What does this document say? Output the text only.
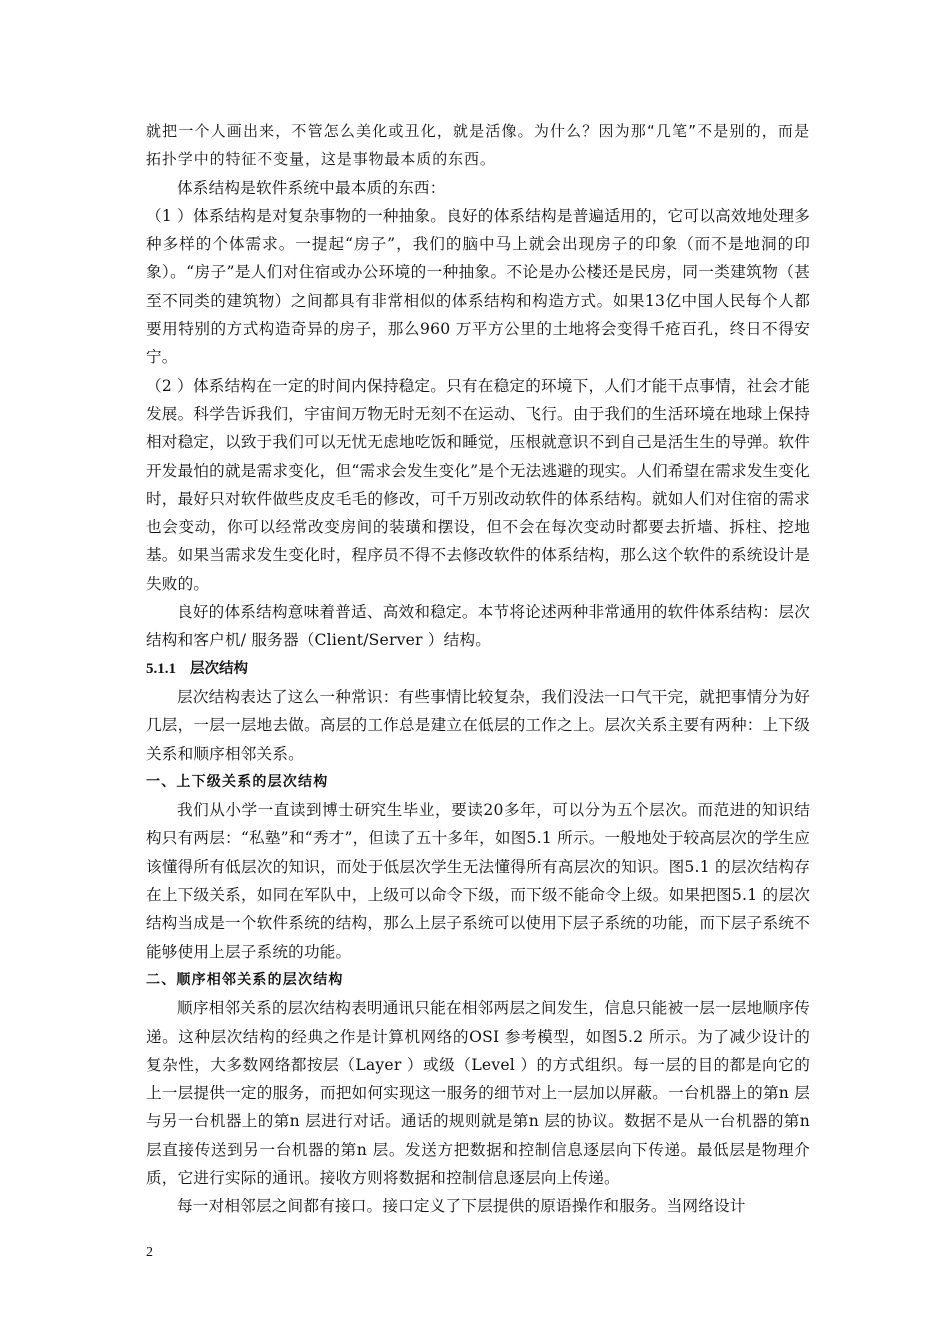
就把一个人画出来，不管怎么美化或丑化，就是活像。为什么？因为那“几笔”不是别的，而是拓扑学中的特征不变量，这是事物最本质的东西。

体系结构是软件系统中最本质的东西：

（1 ）体系结构是对复杂事物的一种抽象。良好的体系结构是普遍适用的，它可以高效地处理多种多样的个体需求。一提起“房子”，我们的脑中马上就会出现房子的印象（而不是地洞的印象）。“房子”是人们对住宿或办公环境的一种抽象。不论是办公楼还是民房，同一类建筑物（甚至不同类的建筑物）之间都具有非常相似的体系结构和构造方式。如果13亿中国人民每个人都要用特别的方式构造奇异的房子，那么960 万平方公里的土地将会变得千疮百孔，终日不得安宁。

（2 ）体系结构在一定的时间内保持稳定。只有在稳定的环境下，人们才能干点事情，社会才能发展。科学告诉我们，宇宙间万物无时无刻不在运动、飞行。由于我们的生活环境在地球上保持相对稳定，以致于我们可以无忧无虑地吃饭和睡觉，压根就意识不到自己是活生生的导弹。软件开发最怕的就是需求变化，但“需求会发生变化”是个无法逃避的现实。人们希望在需求发生变化时，最好只对软件做些皮皮毛毛的修改，可千万别改动软件的体系结构。就如人们对住宿的需求也会变动，你可以经常改变房间的装璜和摆设，但不会在每次变动时都要去折墙、拆柱、挖地基。如果当需求发生变化时，程序员不得不去修改软件的体系结构，那么这个软件的系统设计是失败的。

良好的体系结构意味着普适、高效和稳定。本节将论述两种非常通用的软件体系结构：层次结构和客户机/ 服务器（Client/Server ）结构。

5.1.1 层次结构

层次结构表达了这么一种常识：有些事情比较复杂，我们没法一口气干完，就把事情分为好几层，一层一层地去做。高层的工作总是建立在低层的工作之上。层次关系主要有两种：上下级关系和顺序相邻关系。

一、上下级关系的层次结构

我们从小学一直读到博士研究生毕业，要读20多年，可以分为五个层次。而范进的知识结构只有两层：“私塾”和“秀才”，但读了五十多年，如图5.1 所示。一般地处于较高层次的学生应该懂得所有低层次的知识，而处于低层次学生无法懂得所有高层次的知识。图5.1 的层次结构存在上下级关系，如同在军队中，上级可以命令下级，而下级不能命令上级。如果把图5.1 的层次结构当成是一个软件系统的结构，那么上层子系统可以使用下层子系统的功能，而下层子系统不能够使用上层子系统的功能。

二、顺序相邻关系的层次结构

顺序相邻关系的层次结构表明通讯只能在相邻两层之间发生，信息只能被一层一层地顺序传递。这种层次结构的经典之作是计算机网络的OSI 参考模型，如图5.2 所示。为了减少设计的复杂性，大多数网络都按层（Layer ）或级（Level ）的方式组织。每一层的目的都是向它的上一层提供一定的服务，而把如何实现这一服务的细节对上一层加以屏蔽。一台机器上的第n 层与另一台机器上的第n 层进行对话。通话的规则就是第n 层的协议。数据不是从一台机器的第n 层直接传送到另一台机器的第n 层。发送方把数据和控制信息逐层向下传递。最低层是物理介质，它进行实际的通讯。接收方则将数据和控制信息逐层向上传递。

每一对相邻层之间都有接口。接口定义了下层提供的原语操作和服务。当网络设计

2
